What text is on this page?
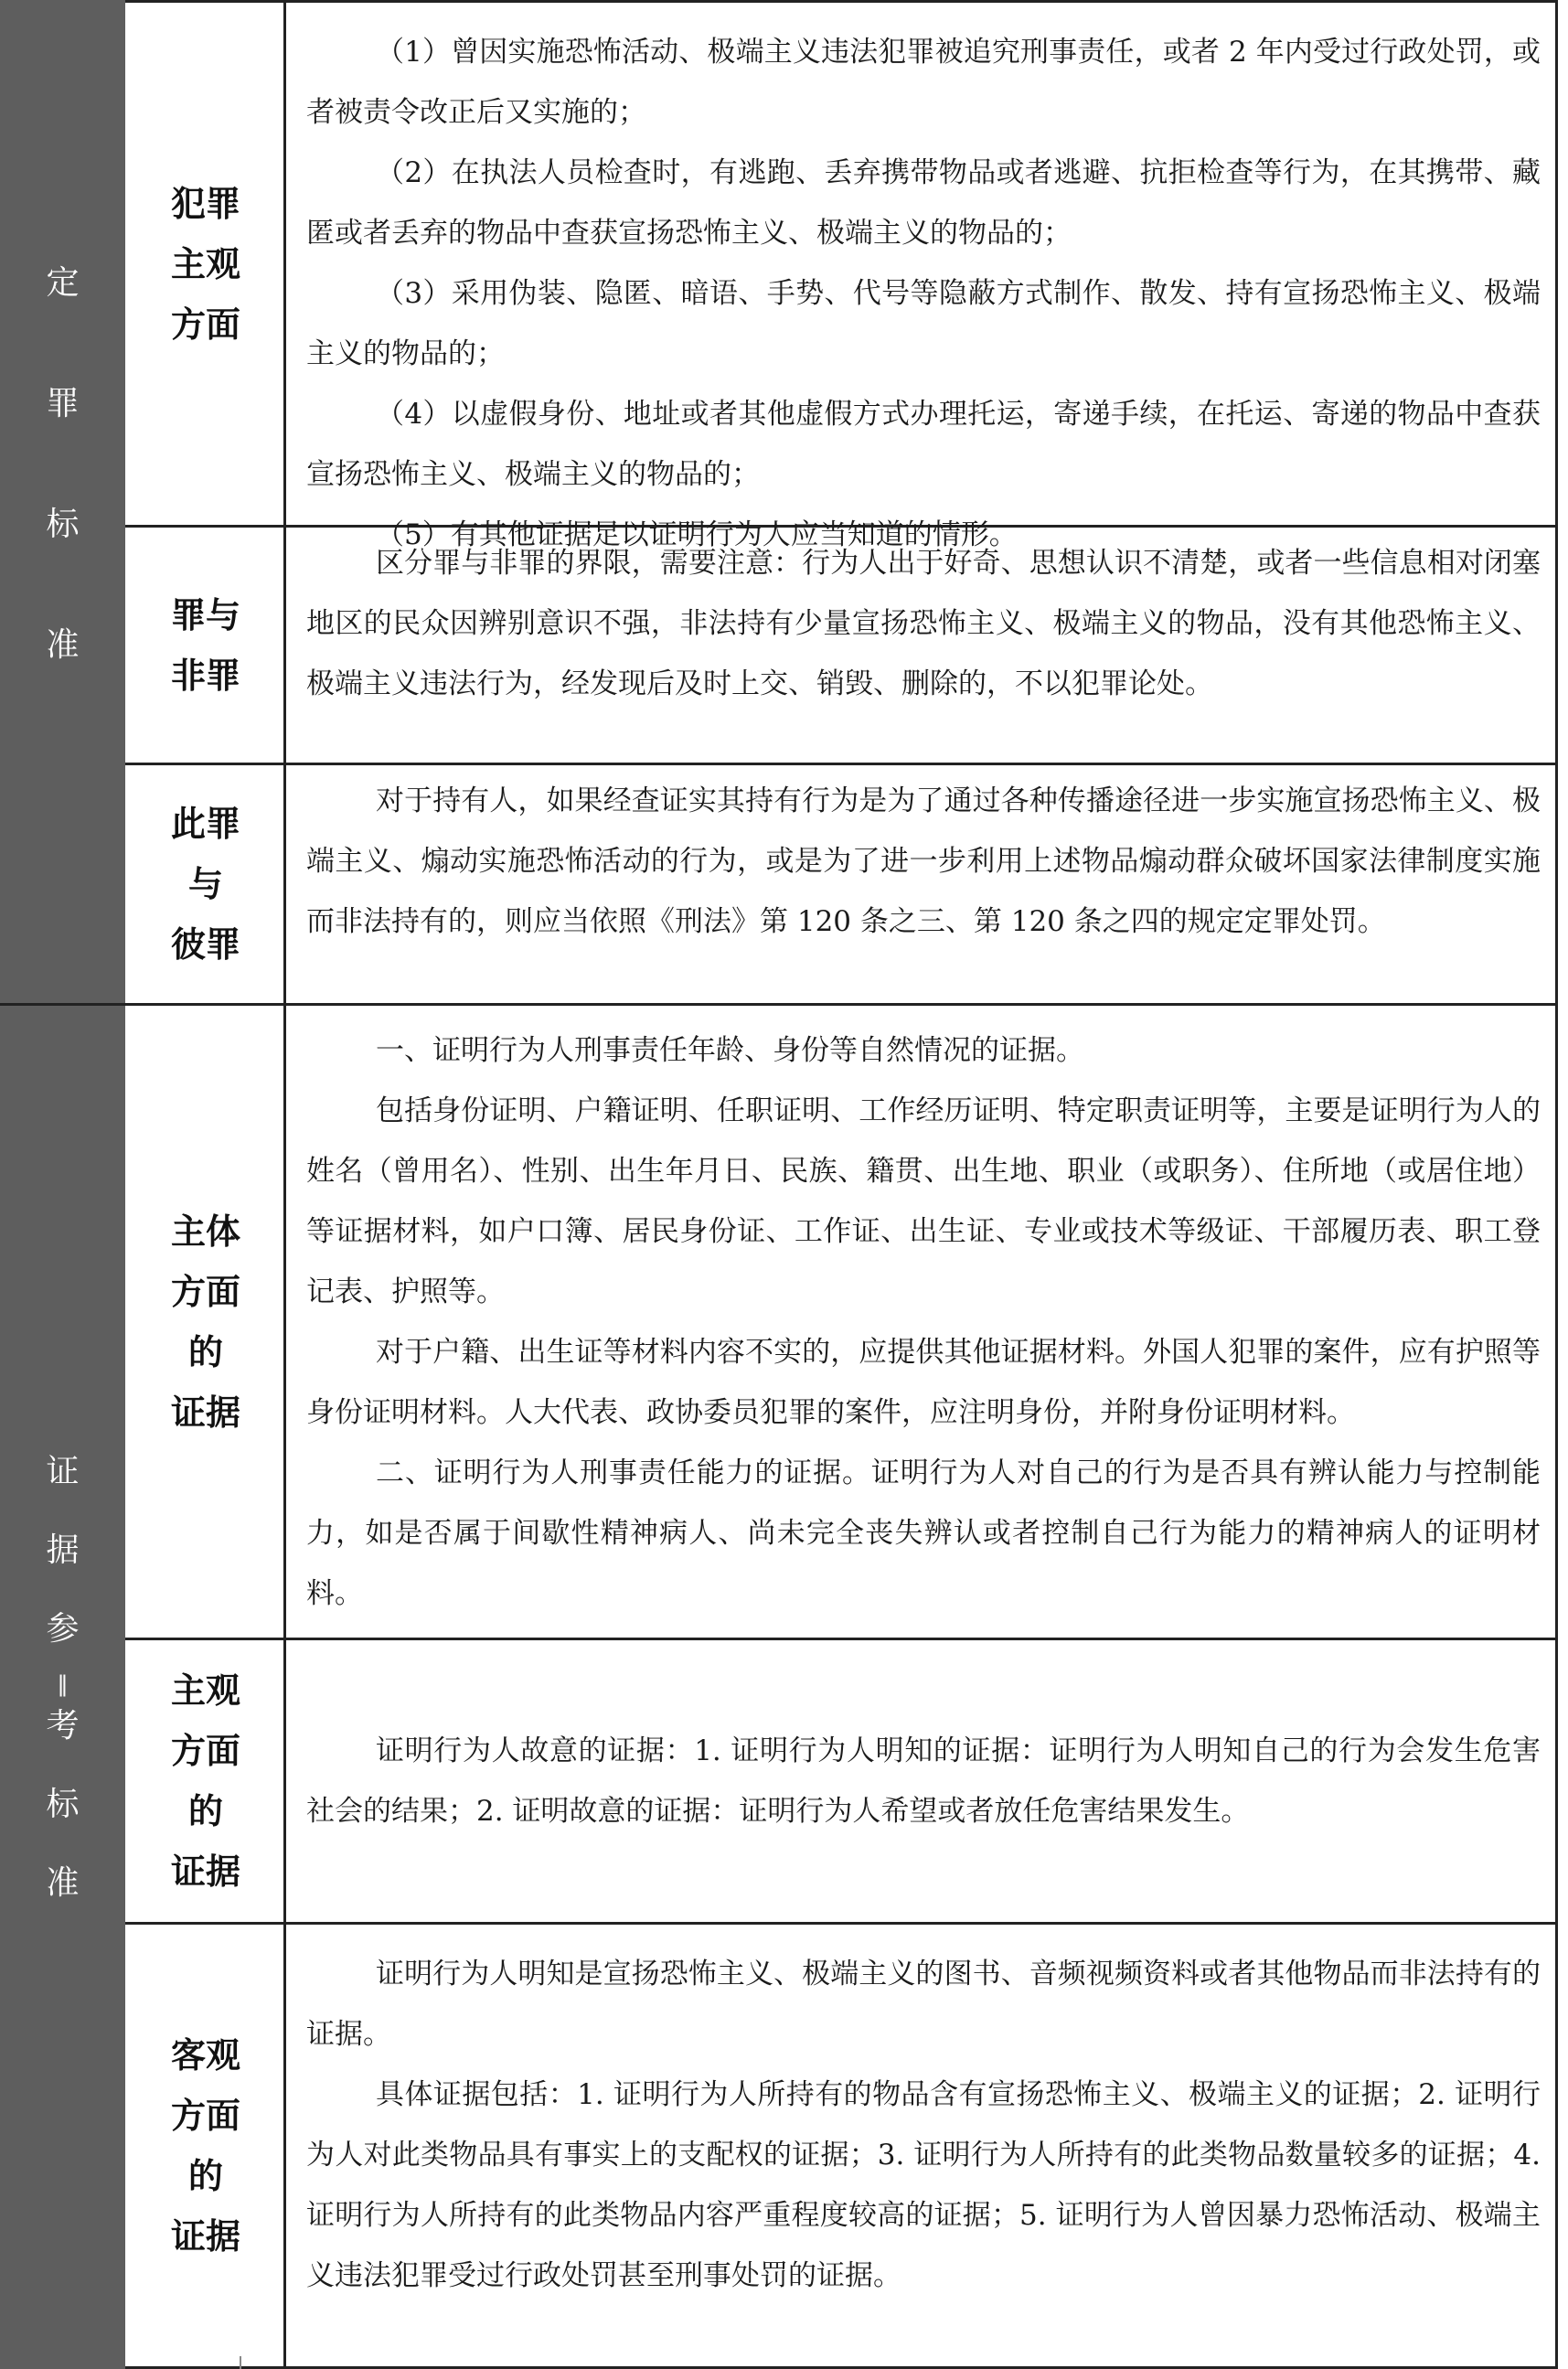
定
罪
标
准
证
据
参
‖
考
标
准
犯罪
主观
方面

（1）曾因实施恐怖活动、极端主义违法犯罪被追究刑事责任，或者 2 年内受过行政处罚，或者被责令改正后又实施的；

（2）在执法人员检查时，有逃跑、丢弃携带物品或者逃避、抗拒检查等行为，在其携带、藏匿或者丢弃的物品中查获宣扬恐怖主义、极端主义的物品的；

（3）采用伪装、隐匿、暗语、手势、代号等隐蔽方式制作、散发、持有宣扬恐怖主义、极端主义的物品的；

（4）以虚假身份、地址或者其他虚假方式办理托运，寄递手续，在托运、寄递的物品中查获宣扬恐怖主义、极端主义的物品的；

（5）有其他证据足以证明行为人应当知道的情形。

罪与
非罪

区分罪与非罪的界限，需要注意：行为人出于好奇、思想认识不清楚，或者一些信息相对闭塞地区的民众因辨别意识不强，非法持有少量宣扬恐怖主义、极端主义的物品，没有其他恐怖主义、极端主义违法行为，经发现后及时上交、销毁、删除的，不以犯罪论处。

此罪
与
彼罪

对于持有人，如果经查证实其持有行为是为了通过各种传播途径进一步实施宣扬恐怖主义、极端主义、煽动实施恐怖活动的行为，或是为了进一步利用上述物品煽动群众破坏国家法律制度实施而非法持有的，则应当依照《刑法》第 120 条之三、第 120 条之四的规定定罪处罚。

主体
方面
的
证据

一、证明行为人刑事责任年龄、身份等自然情况的证据。

包括身份证明、户籍证明、任职证明、工作经历证明、特定职责证明等，主要是证明行为人的姓名（曾用名）、性别、出生年月日、民族、籍贯、出生地、职业（或职务）、住所地（或居住地）等证据材料，如户口簿、居民身份证、工作证、出生证、专业或技术等级证、干部履历表、职工登记表、护照等。

对于户籍、出生证等材料内容不实的，应提供其他证据材料。外国人犯罪的案件，应有护照等身份证明材料。人大代表、政协委员犯罪的案件，应注明身份，并附身份证明材料。

二、证明行为人刑事责任能力的证据。证明行为人对自己的行为是否具有辨认能力与控制能力，如是否属于间歇性精神病人、尚未完全丧失辨认或者控制自己行为能力的精神病人的证明材料。

主观
方面
的
证据

证明行为人故意的证据：1. 证明行为人明知的证据：证明行为人明知自己的行为会发生危害社会的结果；2. 证明故意的证据：证明行为人希望或者放任危害结果发生。

客观
方面
的
证据

证明行为人明知是宣扬恐怖主义、极端主义的图书、音频视频资料或者其他物品而非法持有的证据。

具体证据包括：1. 证明行为人所持有的物品含有宣扬恐怖主义、极端主义的证据；2. 证明行为人对此类物品具有事实上的支配权的证据；3. 证明行为人所持有的此类物品数量较多的证据；4. 证明行为人所持有的此类物品内容严重程度较高的证据；5. 证明行为人曾因暴力恐怖活动、极端主义违法犯罪受过行政处罚甚至刑事处罚的证据。
